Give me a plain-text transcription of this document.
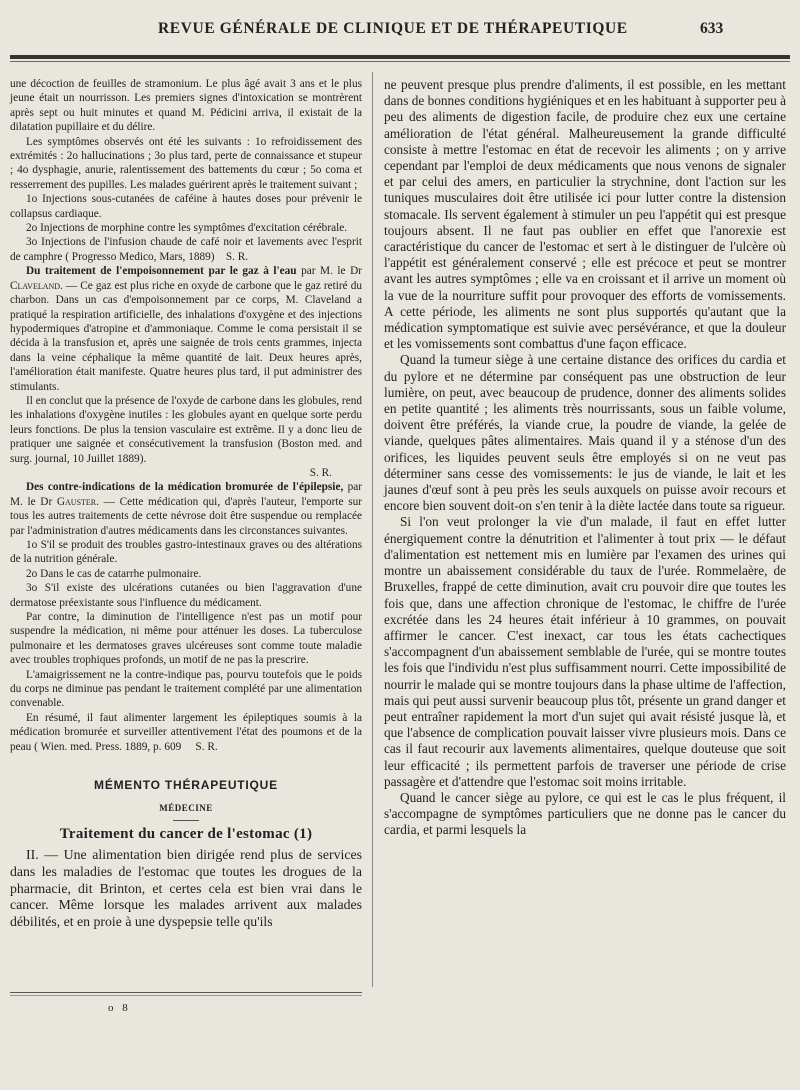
REVUE GÉNÉRALE DE CLINIQUE ET DE THÉRAPEUTIQUE	633

une décoction de feuilles de stramonium. Le plus âgé avait 3 ans et le plus jeune était un nourrisson. Les premiers signes d'intoxication se montrèrent après sept ou huit minutes et quand M. Pédicini arriva, il existait de la dilatation pupillaire et du délire.

Les symptômes observés ont été les suivants : 1o refroidissement des extrémités : 2o hallucinations ; 3o plus tard, perte de connaissance et stupeur ; 4o dysphagie, anurie, ralentissement des battements du cœur ; 5o coma et resserrement des pupilles. Les malades guérirent après le traitement suivant ;

1o Injections sous-cutanées de caféine à hautes doses pour prévenir le collapsus cardiaque.

2o Injections de morphine contre les symptômes d'excitation cérébrale.

3o Injections de l'infusion chaude de café noir et lavements avec l'esprit de camphre ( Progresso Medico, Mars, 1889) S. R.

Du traitement de l'empoisonnement par le gaz à l'eau par M. le Dr Claveland. — Ce gaz est plus riche en oxyde de carbone que le gaz retiré du charbon. Dans un cas d'empoisonnement par ce corps, M. Claveland a pratiqué la respiration artificielle, des inhalations d'oxygène et des injections hypodermiques d'atropine et d'ammoniaque. Comme le coma persistait il se décida à la transfusion et, après une saignée de trois cents grammes, injecta dans la veine céphalique la même quantité de lait. Deux heures après, l'amélioration était manifeste. Quatre heures plus tard, il put administrer des stimulants.

Il en conclut que la présence de l'oxyde de carbone dans les globules, rend les inhalations d'oxygène inutiles : les globules ayant en quelque sorte perdu leurs fonctions. De plus la tension vasculaire est extrême. Il y a donc lieu de pratiquer une saignée et consécutivement la transfusion (Boston med. and surg. journal, 10 Juillet 1889).

S. R.

Des contre-indications de la médication bromurée de l'épilepsie, par M. le Dr Gauster. — Cette médication qui, d'après l'auteur, l'emporte sur tous les autres traitements de cette névrose doit être suspendue ou remplacée par l'administration d'autres médicaments dans les circonstances suivantes.

1o S'il se produit des troubles gastro-intestinaux graves ou des altérations de la nutrition générale.

2o Dans le cas de catarrhe pulmonaire.

3o S'il existe des ulcérations cutanées ou bien l'aggravation d'une dermatose préexistante sous l'influence du médicament.

Par contre, la diminution de l'intelligence n'est pas un motif pour suspendre la médication, ni même pour atténuer les doses. La tuberculose pulmonaire et les dermatoses graves ulcéreuses sont comme toute maladie avec troubles trophiques profonds, un motif de ne pas la prescrire.

L'amaigrissement ne la contre-indique pas, pourvu toutefois que le poids du corps ne diminue pas pendant le traitement complété par une alimentation convenable.

En résumé, il faut alimenter largement les épileptiques soumis à la médication bromurée et surveiller attentivement l'état des poumons et de la peau ( Wien. med. Press. 1889, p. 609 S. R.

MÉMENTO THÉRAPEUTIQUE
MÉDECINE
Traitement du cancer de l'estomac (1)

II. — Une alimentation bien dirigée rend plus de services dans les maladies de l'estomac que toutes les drogues de la pharmacie, dit Brinton, et certes cela est bien vrai dans le cancer. Même lorsque les malades arrivent aux malades débilités, et en proie à une dyspepsie telle qu'ils

o 8

ne peuvent presque plus prendre d'aliments, il est possible, en les mettant dans de bonnes conditions hygiéniques et en les habituant à supporter peu à peu des aliments de digestion facile, de produire chez eux une certaine amélioration de l'état général. Malheureusement la grande difficulté consiste à mettre l'estomac en état de recevoir les aliments ; on y arrive cependant par l'emploi de deux médicaments que nous venons de signaler et par celui des amers, en particulier la strychnine, dont l'action sur les tuniques musculaires doit être utilisée ici pour lutter contre la distension stomacale. Ils servent également à stimuler un peu l'appétit qui est presque toujours absent. Il ne faut pas oublier en effet que l'anorexie est caractéristique du cancer de l'estomac et sert à le distinguer de l'ulcère où l'appétit est généralement conservé ; elle est précoce et peut se montrer avant les autres symptômes ; elle va en croissant et il arrive un moment où la vue de la nourriture suffit pour provoquer des efforts de vomissements. A cette période, les aliments ne sont plus supportés qu'autant que la médication symptomatique est suivie avec persévérance, et que la douleur et les vomissements sont combattus d'une façon efficace.

Quand la tumeur siège à une certaine distance des orifices du cardia et du pylore et ne détermine par conséquent pas une obstruction de leur lumière, on peut, avec beaucoup de prudence, donner des aliments solides en petite quantité ; les aliments très nourrissants, sous un faible volume, doivent être préférés, la viande crue, la poudre de viande, la gelée de viande, quelques pâtes alimentaires. Mais quand il y a sténose d'un des orifices, les liquides peuvent seuls être employés si on ne veut pas déterminer sans cesse des vomissements: le jus de viande, le lait et les jaunes d'œuf sont à peu près les seuls auxquels on puisse avoir recours et encore bien souvent doit-on s'en tenir à la diète lactée dans toute sa rigueur.

Si l'on veut prolonger la vie d'un malade, il faut en effet lutter énergiquement contre la dénutrition et l'alimenter à tout prix — le défaut d'alimentation est nettement mis en lumière par l'examen des urines qui montre un abaissement considérable du taux de l'urée. Rommelaère, de Bruxelles, frappé de cette diminution, avait cru pouvoir dire que toutes les fois que, dans une affection chronique de l'estomac, le chiffre de l'urée excrétée dans les 24 heures était inférieur à 10 grammes, on pouvait affirmer le cancer. C'est inexact, car tous les états cachectiques s'accompagnent d'un abaissement semblable de l'urée, qui se montre toutes les fois que l'individu n'est plus suffisamment nourri. Cette impossibilité de nourrir le malade qui se montre toujours dans la phase ultime de l'affection, mais qui peut aussi survenir beaucoup plus tôt, présente un grand danger et peut entraîner rapidement la mort d'un sujet qui avait résisté jusque là, et que l'absence de complication pouvait laisser vivre plusieurs mois. Dans ce cas il faut recourir aux lavements alimentaires, quelque douteuse que soit leur efficacité ; ils permettent parfois de traverser une période de crise passagère et d'attendre que l'estomac soit moins irritable.

Quand le cancer siège au pylore, ce qui est le cas le plus fréquent, il s'accompagne de symptômes particuliers que ne donne pas le cancer du cardia, et parmi lesquels la
